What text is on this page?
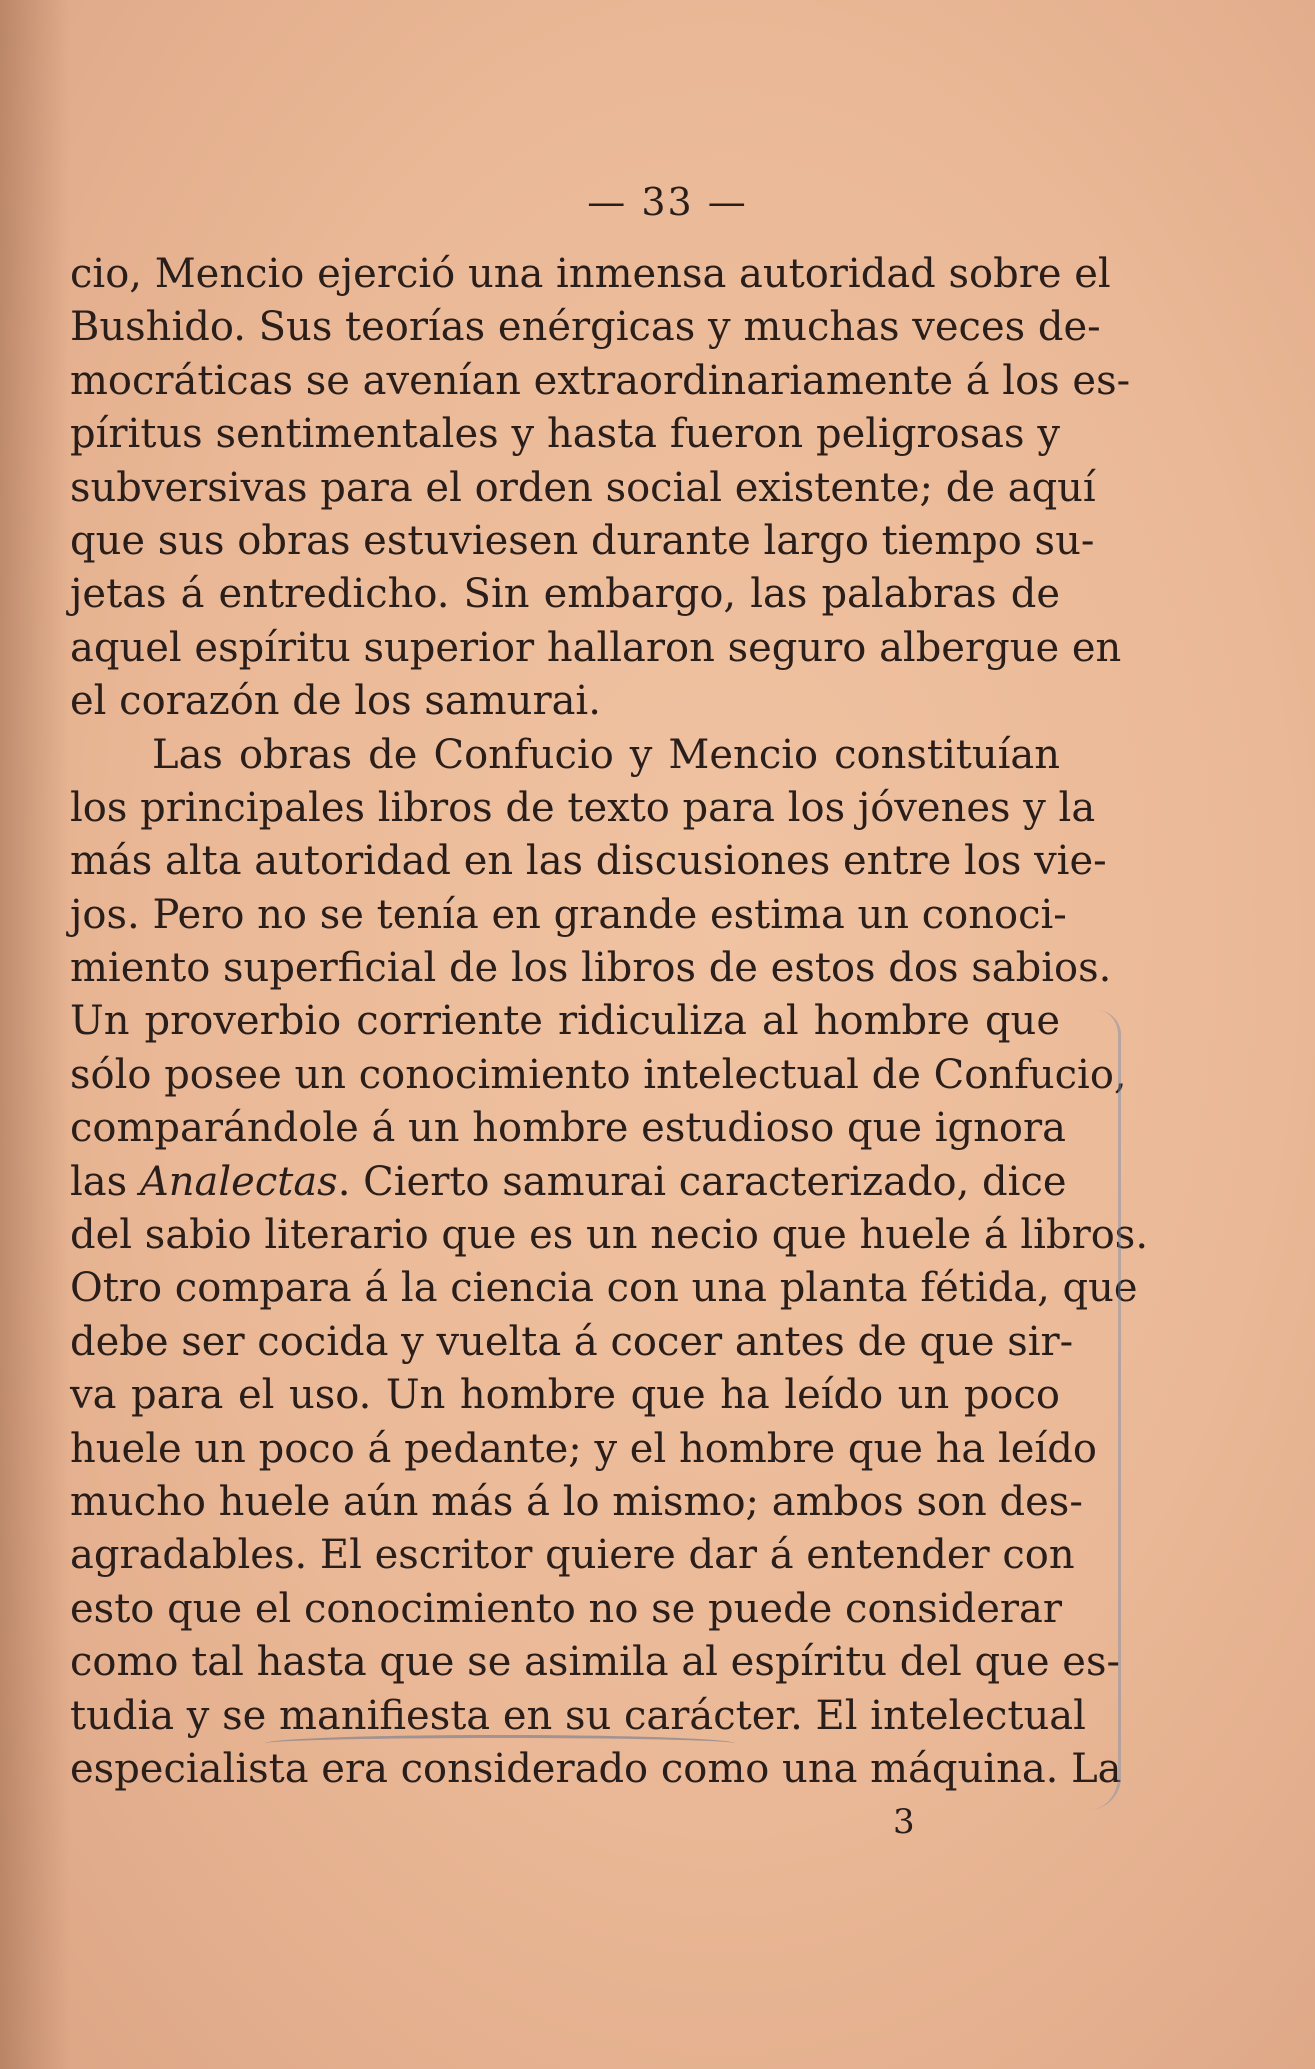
— 33 —
cio, Mencio ejerció una inmensa autoridad sobre el
Bushido. Sus teorías enérgicas y muchas veces de-
mocráticas se avenían extraordinariamente á los es-
píritus sentimentales y hasta fueron peligrosas y
subversivas para el orden social existente; de aquí
que sus obras estuviesen durante largo tiempo su-
jetas á entredicho. Sin embargo, las palabras de
aquel espíritu superior hallaron seguro albergue en
el corazón de los samurai.
Las obras de Confucio y Mencio constituían
los principales libros de texto para los jóvenes y la
más alta autoridad en las discusiones entre los vie-
jos. Pero no se tenía en grande estima un conoci-
miento superficial de los libros de estos dos sabios.
Un proverbio corriente ridiculiza al hombre que
sólo posee un conocimiento intelectual de Confucio,
comparándole á un hombre estudioso que ignora
las Analectas. Cierto samurai caracterizado, dice
del sabio literario que es un necio que huele á libros.
Otro compara á la ciencia con una planta fétida, que
debe ser cocida y vuelta á cocer antes de que sir-
va para el uso. Un hombre que ha leído un poco
huele un poco á pedante; y el hombre que ha leído
mucho huele aún más á lo mismo; ambos son des-
agradables. El escritor quiere dar á entender con
esto que el conocimiento no se puede considerar
como tal hasta que se asimila al espíritu del que es-
tudia y se manifiesta en su carácter. El intelectual
especialista era considerado como una máquina. La
3
